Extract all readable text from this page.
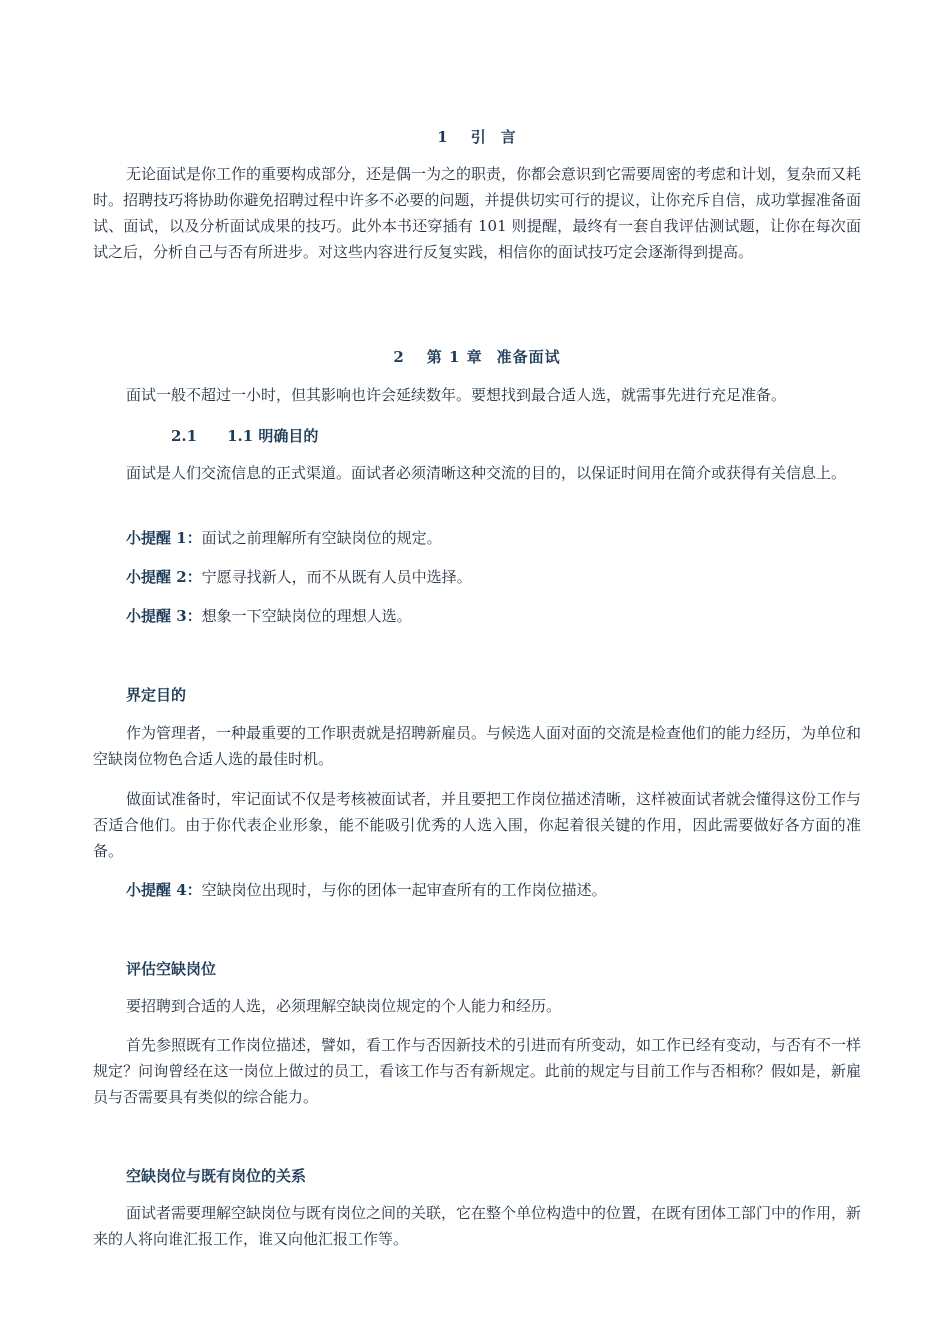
1 引 言
无论面试是你工作的重要构成部分，还是偶一为之的职责，你都会意识到它需要周密的考虑和计划，复杂而又耗时。招聘技巧将协助你避免招聘过程中许多不必要的问题，并提供切实可行的提议，让你充斥自信，成功掌握准备面试、面试，以及分析面试成果的技巧。此外本书还穿插有 101 则提醒，最终有一套自我评估测试题，让你在每次面试之后，分析自己与否有所进步。对这些内容进行反复实践，相信你的面试技巧定会逐渐得到提高。
2 第 1 章 准备面试
面试一般不超过一小时，但其影响也许会延续数年。要想找到最合适人选，就需事先进行充足准备。
2.1 1.1 明确目的
面试是人们交流信息的正式渠道。面试者必须清晰这种交流的目的，以保证时间用在简介或获得有关信息上。
小提醒 1：面试之前理解所有空缺岗位的规定。
小提醒 2：宁愿寻找新人，而不从既有人员中选择。
小提醒 3：想象一下空缺岗位的理想人选。
界定目的
作为管理者，一种最重要的工作职责就是招聘新雇员。与候选人面对面的交流是检查他们的能力经历，为单位和空缺岗位物色合适人选的最佳时机。
做面试准备时，牢记面试不仅是考核被面试者，并且要把工作岗位描述清晰，这样被面试者就会懂得这份工作与否适合他们。由于你代表企业形象，能不能吸引优秀的人选入围，你起着很关键的作用，因此需要做好各方面的准备。
小提醒 4：空缺岗位出现时，与你的团体一起审查所有的工作岗位描述。
评估空缺岗位
要招聘到合适的人选，必须理解空缺岗位规定的个人能力和经历。
首先参照既有工作岗位描述，譬如，看工作与否因新技术的引进而有所变动，如工作已经有变动，与否有不一样规定？问询曾经在这一岗位上做过的员工，看该工作与否有新规定。此前的规定与目前工作与否相称？假如是，新雇员与否需要具有类似的综合能力。
空缺岗位与既有岗位的关系
面试者需要理解空缺岗位与既有岗位之间的关联，它在整个单位构造中的位置，在既有团体工部门中的作用，新来的人将向谁汇报工作，谁又向他汇报工作等。
